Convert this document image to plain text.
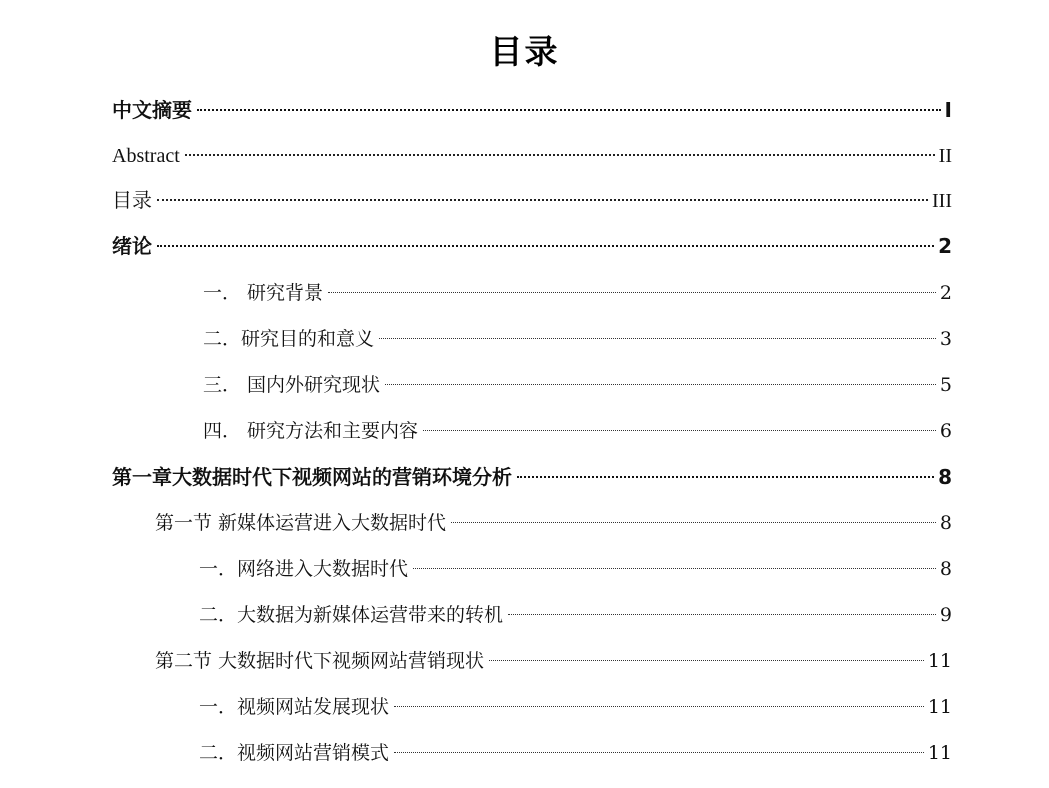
目录
中文摘要	I
Abstract	II
目录	III
绪论	2
一． 研究背景	2
二．研究目的和意义	3
三． 国内外研究现状	5
四． 研究方法和主要内容	6
第一章大数据时代下视频网站的营销环境分析	8
第一节 新媒体运营进入大数据时代	8
一．网络进入大数据时代	8
二．大数据为新媒体运营带来的转机	9
第二节 大数据时代下视频网站营销现状	11
一．视频网站发展现状	11
二．视频网站营销模式	11
